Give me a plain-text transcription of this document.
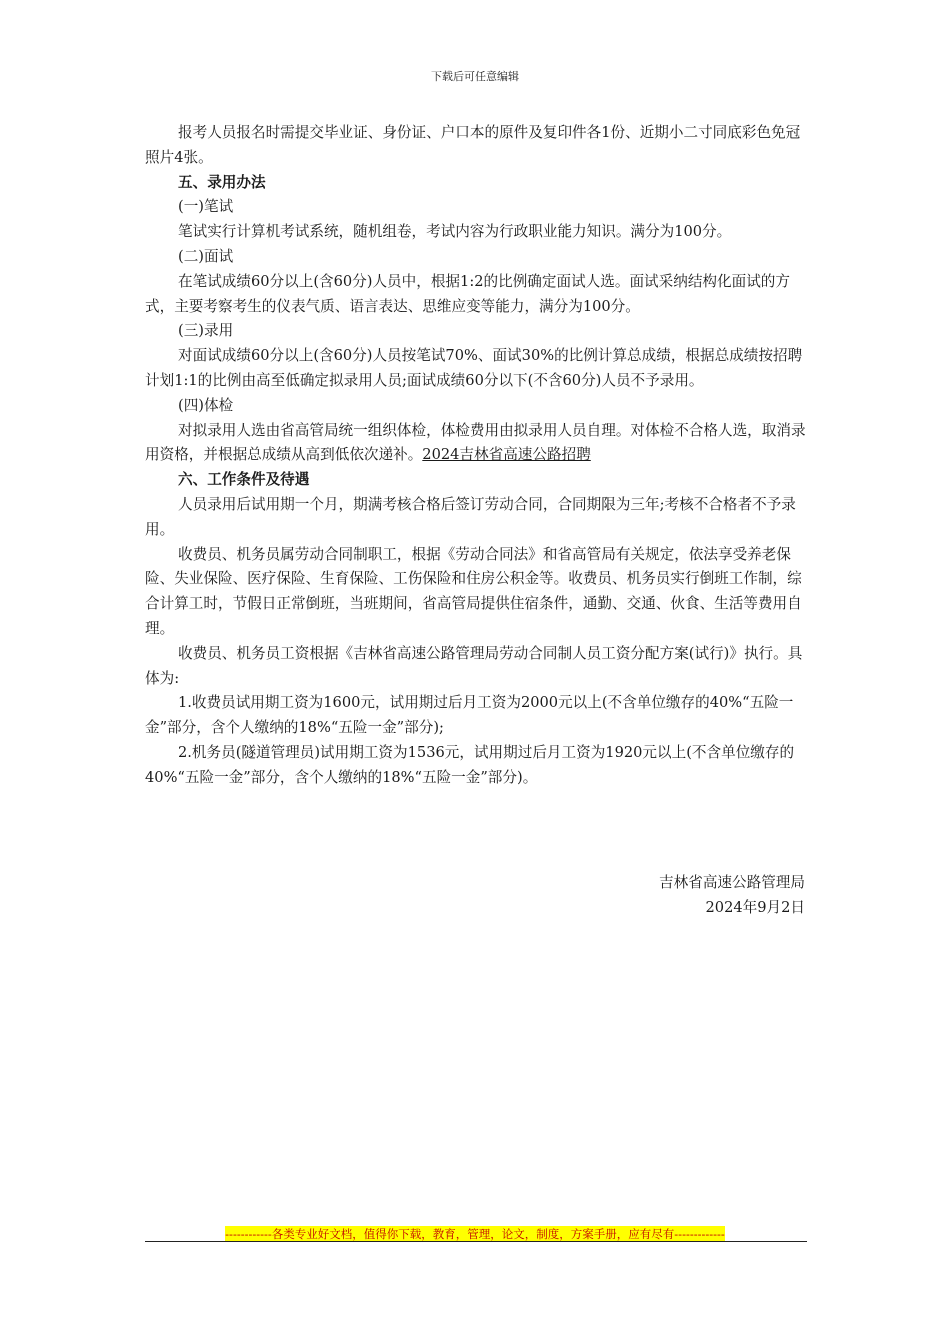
下载后可任意编辑

报考人员报名时需提交毕业证、身份证、户口本的原件及复印件各1份、近期小二寸同底彩色免冠照片4张。

五、录用办法

(一)笔试

笔试实行计算机考试系统，随机组卷，考试内容为行政职业能力知识。满分为100分。

(二)面试

在笔试成绩60分以上(含60分)人员中，根据1:2的比例确定面试人选。面试采纳结构化面试的方式，主要考察考生的仪表气质、语言表达、思维应变等能力，满分为100分。

(三)录用

对面试成绩60分以上(含60分)人员按笔试70%、面试30%的比例计算总成绩，根据总成绩按招聘计划1:1的比例由高至低确定拟录用人员;面试成绩60分以下(不含60分)人员不予录用。

(四)体检

对拟录用人选由省高管局统一组织体检，体检费用由拟录用人员自理。对体检不合格人选，取消录用资格，并根据总成绩从高到低依次递补。2024吉林省高速公路招聘

六、工作条件及待遇

人员录用后试用期一个月，期满考核合格后签订劳动合同，合同期限为三年;考核不合格者不予录用。

收费员、机务员属劳动合同制职工，根据《劳动合同法》和省高管局有关规定，依法享受养老保险、失业保险、医疗保险、生育保险、工伤保险和住房公积金等。收费员、机务员实行倒班工作制，综合计算工时，节假日正常倒班，当班期间，省高管局提供住宿条件，通勤、交通、伙食、生活等费用自理。

收费员、机务员工资根据《吉林省高速公路管理局劳动合同制人员工资分配方案(试行)》执行。具体为:

1.收费员试用期工资为1600元，试用期过后月工资为2000元以上(不含单位缴存的40%“五险一金”部分，含个人缴纳的18%“五险一金”部分);

2.机务员(隧道管理员)试用期工资为1536元，试用期过后月工资为1920元以上(不含单位缴存的40%“五险一金”部分，含个人缴纳的18%“五险一金”部分)。

吉林省高速公路管理局
2024年9月2日
------------各类专业好文档，值得你下载，教育，管理，论文，制度，方案手册，应有尽有-------------
